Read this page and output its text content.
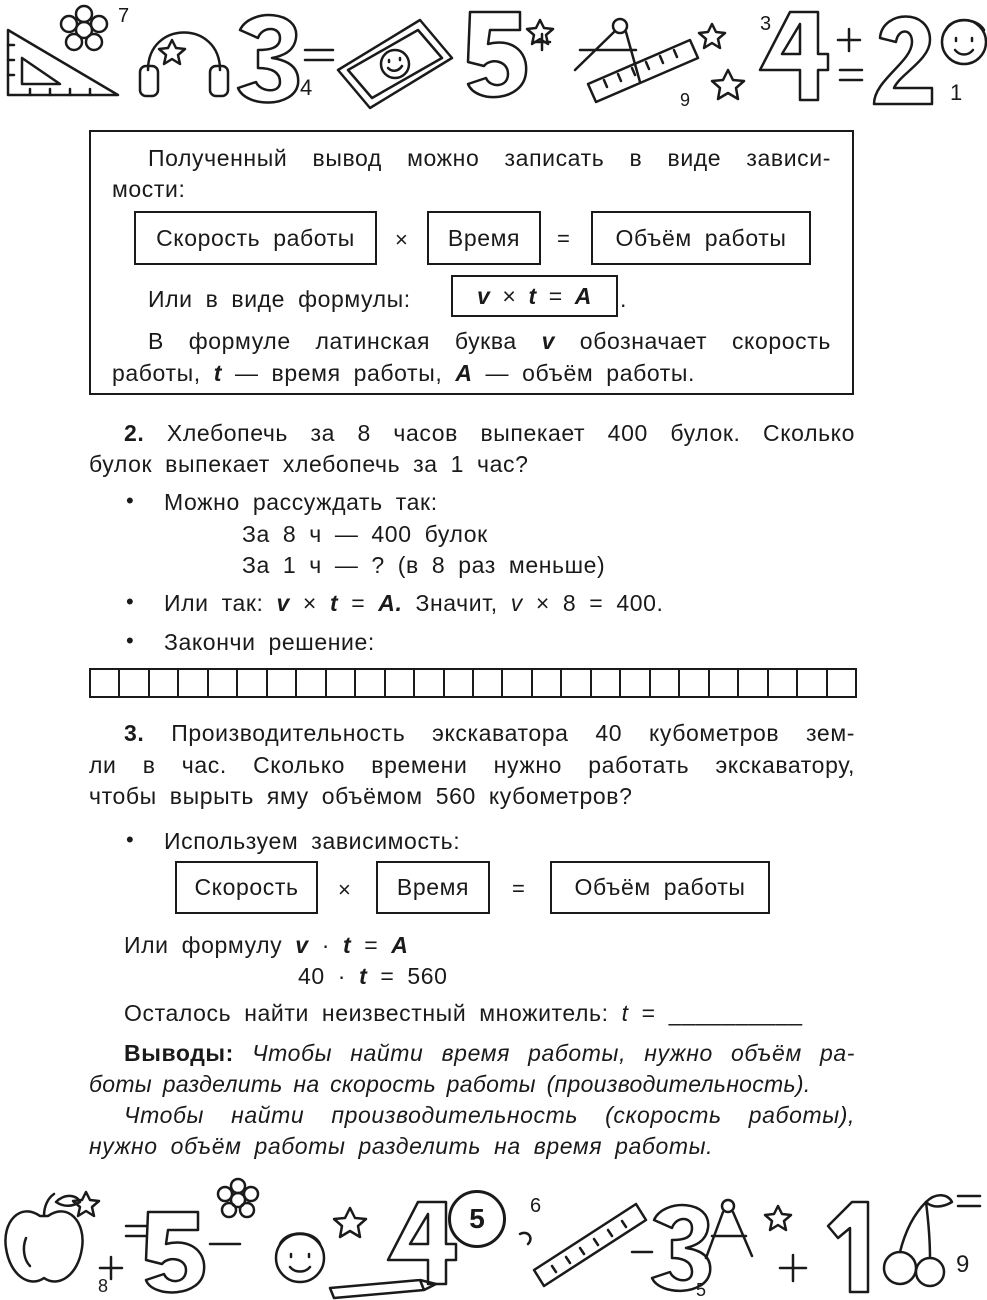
4	1
7	3
9
Полученный вывод можно записать в виде зависи-
мости:
Скорость работы	×	Время	=	Объём работы
Или в виде формулы:	v × t = A .
В формуле латинская буква v обозначает скорость
работы, t — время работы, A — объём работы.
2. Хлебопечь за 8 часов выпекает 400 булок. Сколько
булок выпекает хлебопечь за 1 час?
• Можно рассуждать так:
За 8 ч — 400 булок
За 1 ч — ? (в 8 раз меньше)
• Или так: v × t = A. Значит, v × 8 = 400.
• Закончи решение:
3. Производительность экскаватора 40 кубометров зем-
ли в час. Сколько времени нужно работать экскаватору,
чтобы вырыть яму объёмом 560 кубометров?
• Используем зависимость:
Скорость	×	Время	=	Объём работы
Или формулу v · t = A
40 · t = 560
Осталось найти неизвестный множитель: t = __________
Выводы: Чтобы найти время работы, нужно объём ра-
боты разделить на скорость работы (производительность).
Чтобы найти производительность (скорость работы),
нужно объём работы разделить на время работы.
9
8
6
5
5
